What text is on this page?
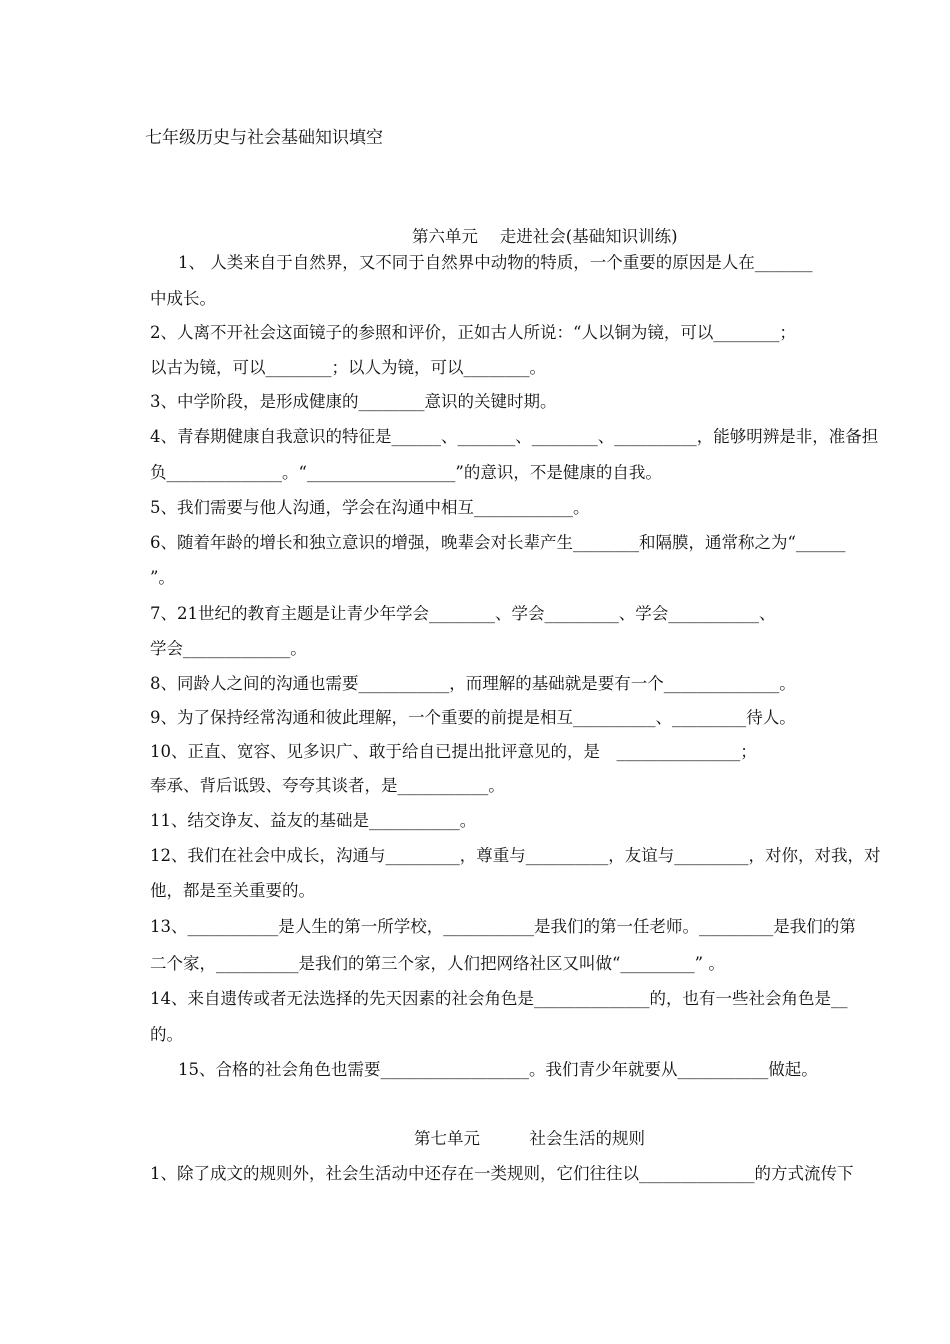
七年级历史与社会基础知识填空
第六单元　 走进社会(基础知识训练)
1、 人类来自于自然界，又不同于自然界中动物的特质，一个重要的原因是人在_______
中成长。
2、人离不开社会这面镜子的参照和评价，正如古人所说：“人以铜为镜，可以________；
以古为镜，可以________；以人为镜，可以________。
3、中学阶段，是形成健康的________意识的关键时期。
4、青春期健康自我意识的特征是______、_______、________、__________，能够明辨是非，准备担
负______________。“__________________”的意识，不是健康的自我。
5、我们需要与他人沟通，学会在沟通中相互____________。
6、随着年龄的增长和独立意识的增强，晚辈会对长辈产生________和隔膜，通常称之为“______
”。
7、21世纪的教育主题是让青少年学会________、学会_________、学会___________、
学会_____________。
8、同龄人之间的沟通也需要___________，而理解的基础就是要有一个______________。
9、为了保持经常沟通和彼此理解，一个重要的前提是相互__________、_________待人。
10、正直、宽容、见多识广、敢于给自已提出批评意见的，是　_______________；
奉承、背后诋毁、夸夸其谈者，是___________。
11、结交诤友、益友的基础是___________。
12、我们在社会中成长，沟通与_________，尊重与__________，友谊与_________，对你，对我，对
他，都是至关重要的。
13、___________是人生的第一所学校，___________是我们的第一任老师。_________是我们的第
二个家，__________是我们的第三个家，人们把网络社区又叫做“_________” 。
14、来自遗传或者无法选择的先天因素的社会角色是______________的，也有一些社会角色是__
的。
15、合格的社会角色也需要__________________。我们青少年就要从___________做起。
第七单元　　　社会生活的规则
1、除了成文的规则外，社会生活动中还存在一类规则，它们往往以______________的方式流传下
